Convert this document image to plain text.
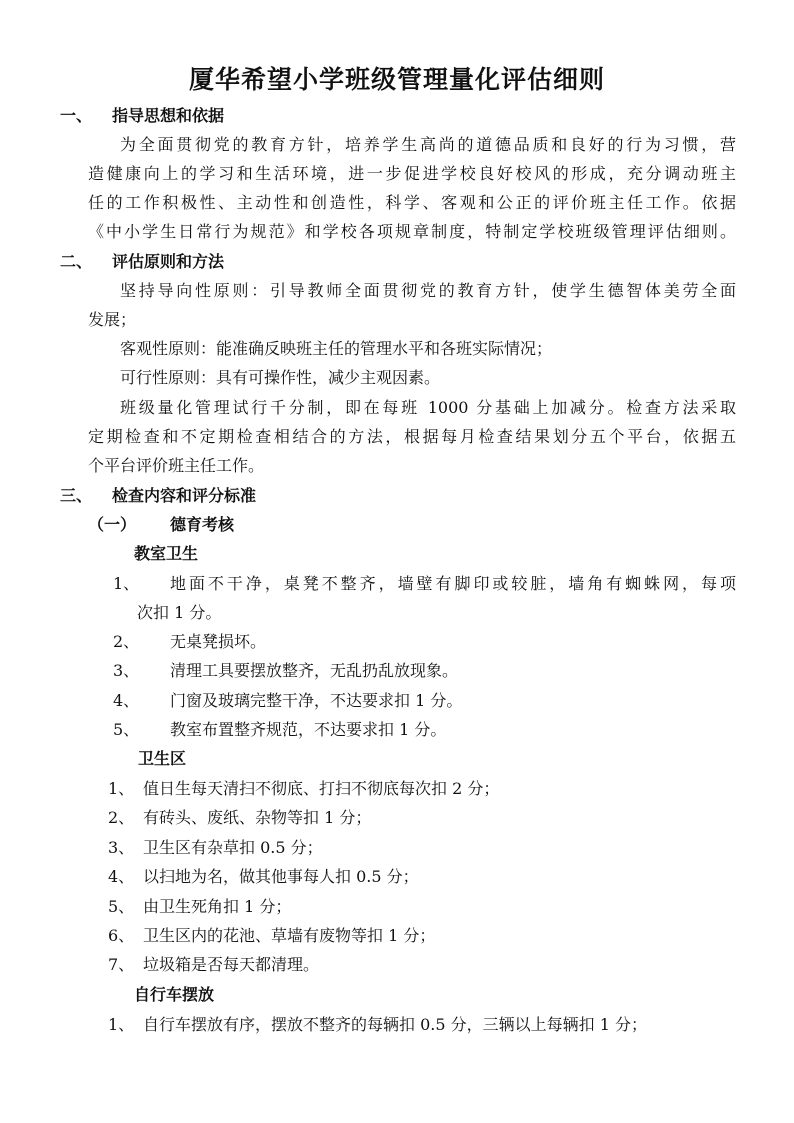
厦华希望小学班级管理量化评估细则
一、 指导思想和依据
为全面贯彻党的教育方针，培养学生高尚的道德品质和良好的行为习惯，营
造健康向上的学习和生活环境，进一步促进学校良好校风的形成，充分调动班主
任的工作积极性、主动性和创造性，科学、客观和公正的评价班主任工作。依据
《中小学生日常行为规范》和学校各项规章制度，特制定学校班级管理评估细则。
二、 评估原则和方法
坚持导向性原则：引导教师全面贯彻党的教育方针，使学生德智体美劳全面
发展；
客观性原则：能准确反映班主任的管理水平和各班实际情况；
可行性原则：具有可操作性，减少主观因素。
班级量化管理试行千分制，即在每班 1000 分基础上加减分。检查方法采取
定期检查和不定期检查相结合的方法，根据每月检查结果划分五个平台，依据五
个平台评价班主任工作。
三、 检查内容和评分标准
（一） 德育考核
教室卫生
1、 地面不干净，桌凳不整齐，墙壁有脚印或较脏，墙角有蜘蛛网，每项
次扣 1 分。
2、 无桌凳损坏。
3、 清理工具要摆放整齐，无乱扔乱放现象。
4、 门窗及玻璃完整干净，不达要求扣 1 分。
5、 教室布置整齐规范，不达要求扣 1 分。
卫生区
1、 值日生每天清扫不彻底、打扫不彻底每次扣 2 分；
2、 有砖头、废纸、杂物等扣 1 分；
3、 卫生区有杂草扣 0.5 分；
4、 以扫地为名，做其他事每人扣 0.5 分；
5、 由卫生死角扣 1 分；
6、 卫生区内的花池、草墙有废物等扣 1 分；
7、 垃圾箱是否每天都清理。
自行车摆放
1、 自行车摆放有序，摆放不整齐的每辆扣 0.5 分，三辆以上每辆扣 1 分；
